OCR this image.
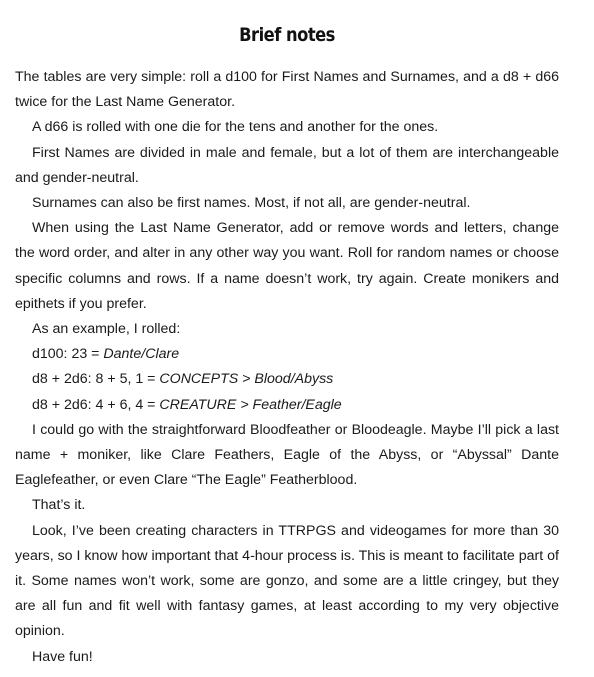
Brief notes

The tables are very simple: roll a d100 for First Names and Surnames, and a d8 + d66 twice for the Last Name Generator.

A d66 is rolled with one die for the tens and another for the ones.

First Names are divided in male and female, but a lot of them are interchangeable and gender-neutral.

Surnames can also be first names. Most, if not all, are gender-neutral.

When using the Last Name Generator, add or remove words and letters, change the word order, and alter in any other way you want. Roll for random names or choose specific columns and rows. If a name doesn’t work, try again. Create monikers and epithets if you prefer.

As an example, I rolled:

d100: 23 = Dante/Clare

d8 + 2d6: 8 + 5, 1 = CONCEPTS > Blood/Abyss

d8 + 2d6: 4 + 6, 4 = CREATURE > Feather/Eagle

I could go with the straightforward Bloodfeather or Bloodeagle. Maybe I’ll pick a last name + moniker, like Clare Feathers, Eagle of the Abyss, or “Abyssal” Dante Eaglefeather, or even Clare “The Eagle” Featherblood.

That’s it.

Look, I’ve been creating characters in TTRPGS and videogames for more than 30 years, so I know how important that 4-hour process is. This is meant to facilitate part of it. Some names won’t work, some are gonzo, and some are a little cringey, but they are all fun and fit well with fantasy games, at least according to my very objective opinion.

Have fun!
